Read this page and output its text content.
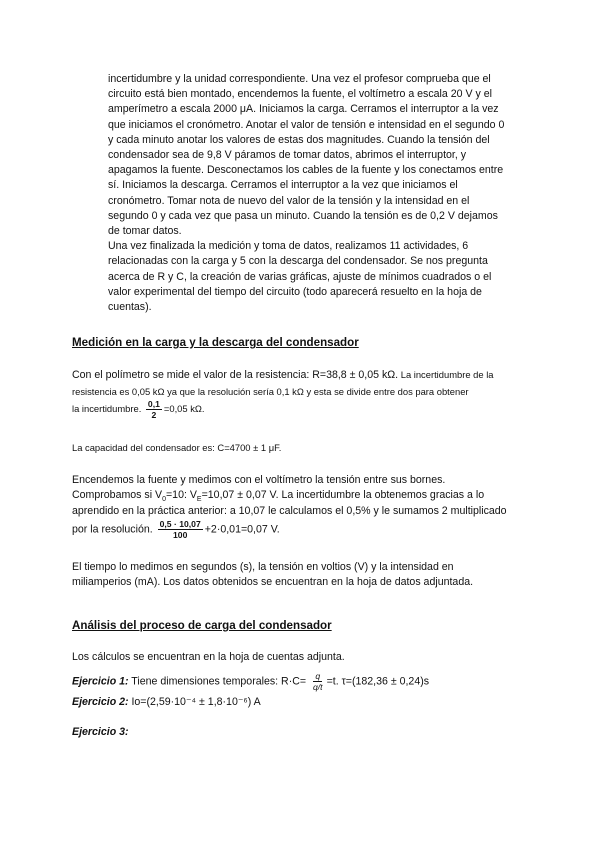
incertidumbre y la unidad correspondiente. Una vez el profesor comprueba que el
circuito está bien montado, encendemos la fuente, el voltímetro a escala 20 V y el
amperímetro a escala 2000 μA. Iniciamos la carga. Cerramos el interruptor a la vez
que iniciamos el cronómetro. Anotar el valor de tensión e intensidad en el segundo 0
y cada minuto anotar los valores de estas dos magnitudes. Cuando la tensión del
condensador sea de 9,8 V páramos de tomar datos, abrimos el interruptor, y
apagamos la fuente. Desconectamos los cables de la fuente y los conectamos entre
sí. Iniciamos la descarga. Cerramos el interruptor a la vez que iniciamos el
cronómetro. Tomar nota de nuevo del valor de la tensión y la intensidad en el
segundo 0 y cada vez que pasa un minuto. Cuando la tensión es de 0,2 V dejamos
de tomar datos.
Una vez finalizada la medición y toma de datos, realizamos 11 actividades, 6
relacionadas con la carga y 5 con la descarga del condensador. Se nos pregunta
acerca de R y C, la creación de varias gráficas, ajuste de mínimos cuadrados o el
valor experimental del tiempo del circuito (todo aparecerá resuelto en la hoja de
cuentas).
Medición en la carga y la descarga del condensador
Con el polímetro se mide el valor de la resistencia: R=38,8 ± 0,05 kΩ. La incertidumbre de la
resistencia es 0,05 kΩ ya que la resolución sería 0,1 kΩ y esta se divide entre dos para obtener
la incertidumbre. $\frac{0,1}{2} =0,05$ kΩ.
La capacidad del condensador es: C=4700 ± 1 μF.
Encendemos la fuente y medimos con el voltímetro la tensión entre sus bornes.
Comprobamos si $V_0=10$: $V_E=10,07 \pm 0,07$ V. La incertidumbre la obtenemos gracias a lo
aprendido en la práctica anterior: a 10,07 le calculamos el 0,5% y le sumamos 2 multiplicado
por la resolución. $\frac{0,5 \cdot 10,07}{100} +2\cdot 0,01=0,07$ V.
El tiempo lo medimos en segundos (s), la tensión en voltios (V) y la intensidad en
miliamperios (mA). Los datos obtenidos se encuentran en la hoja de datos adjuntada.
Análisis del proceso de carga del condensador
Los cálculos se encuentran en la hoja de cuentas adjunta.
Ejercicio 1: Tiene dimensiones temporales: $R\cdot C= \frac{q}{q/t} =t$. τ=(182,36 ± 0,24)s
Ejercicio 2: Io=(2,59·10⁻⁴ ± 1,8·10⁻⁶) A
Ejercicio 3:
